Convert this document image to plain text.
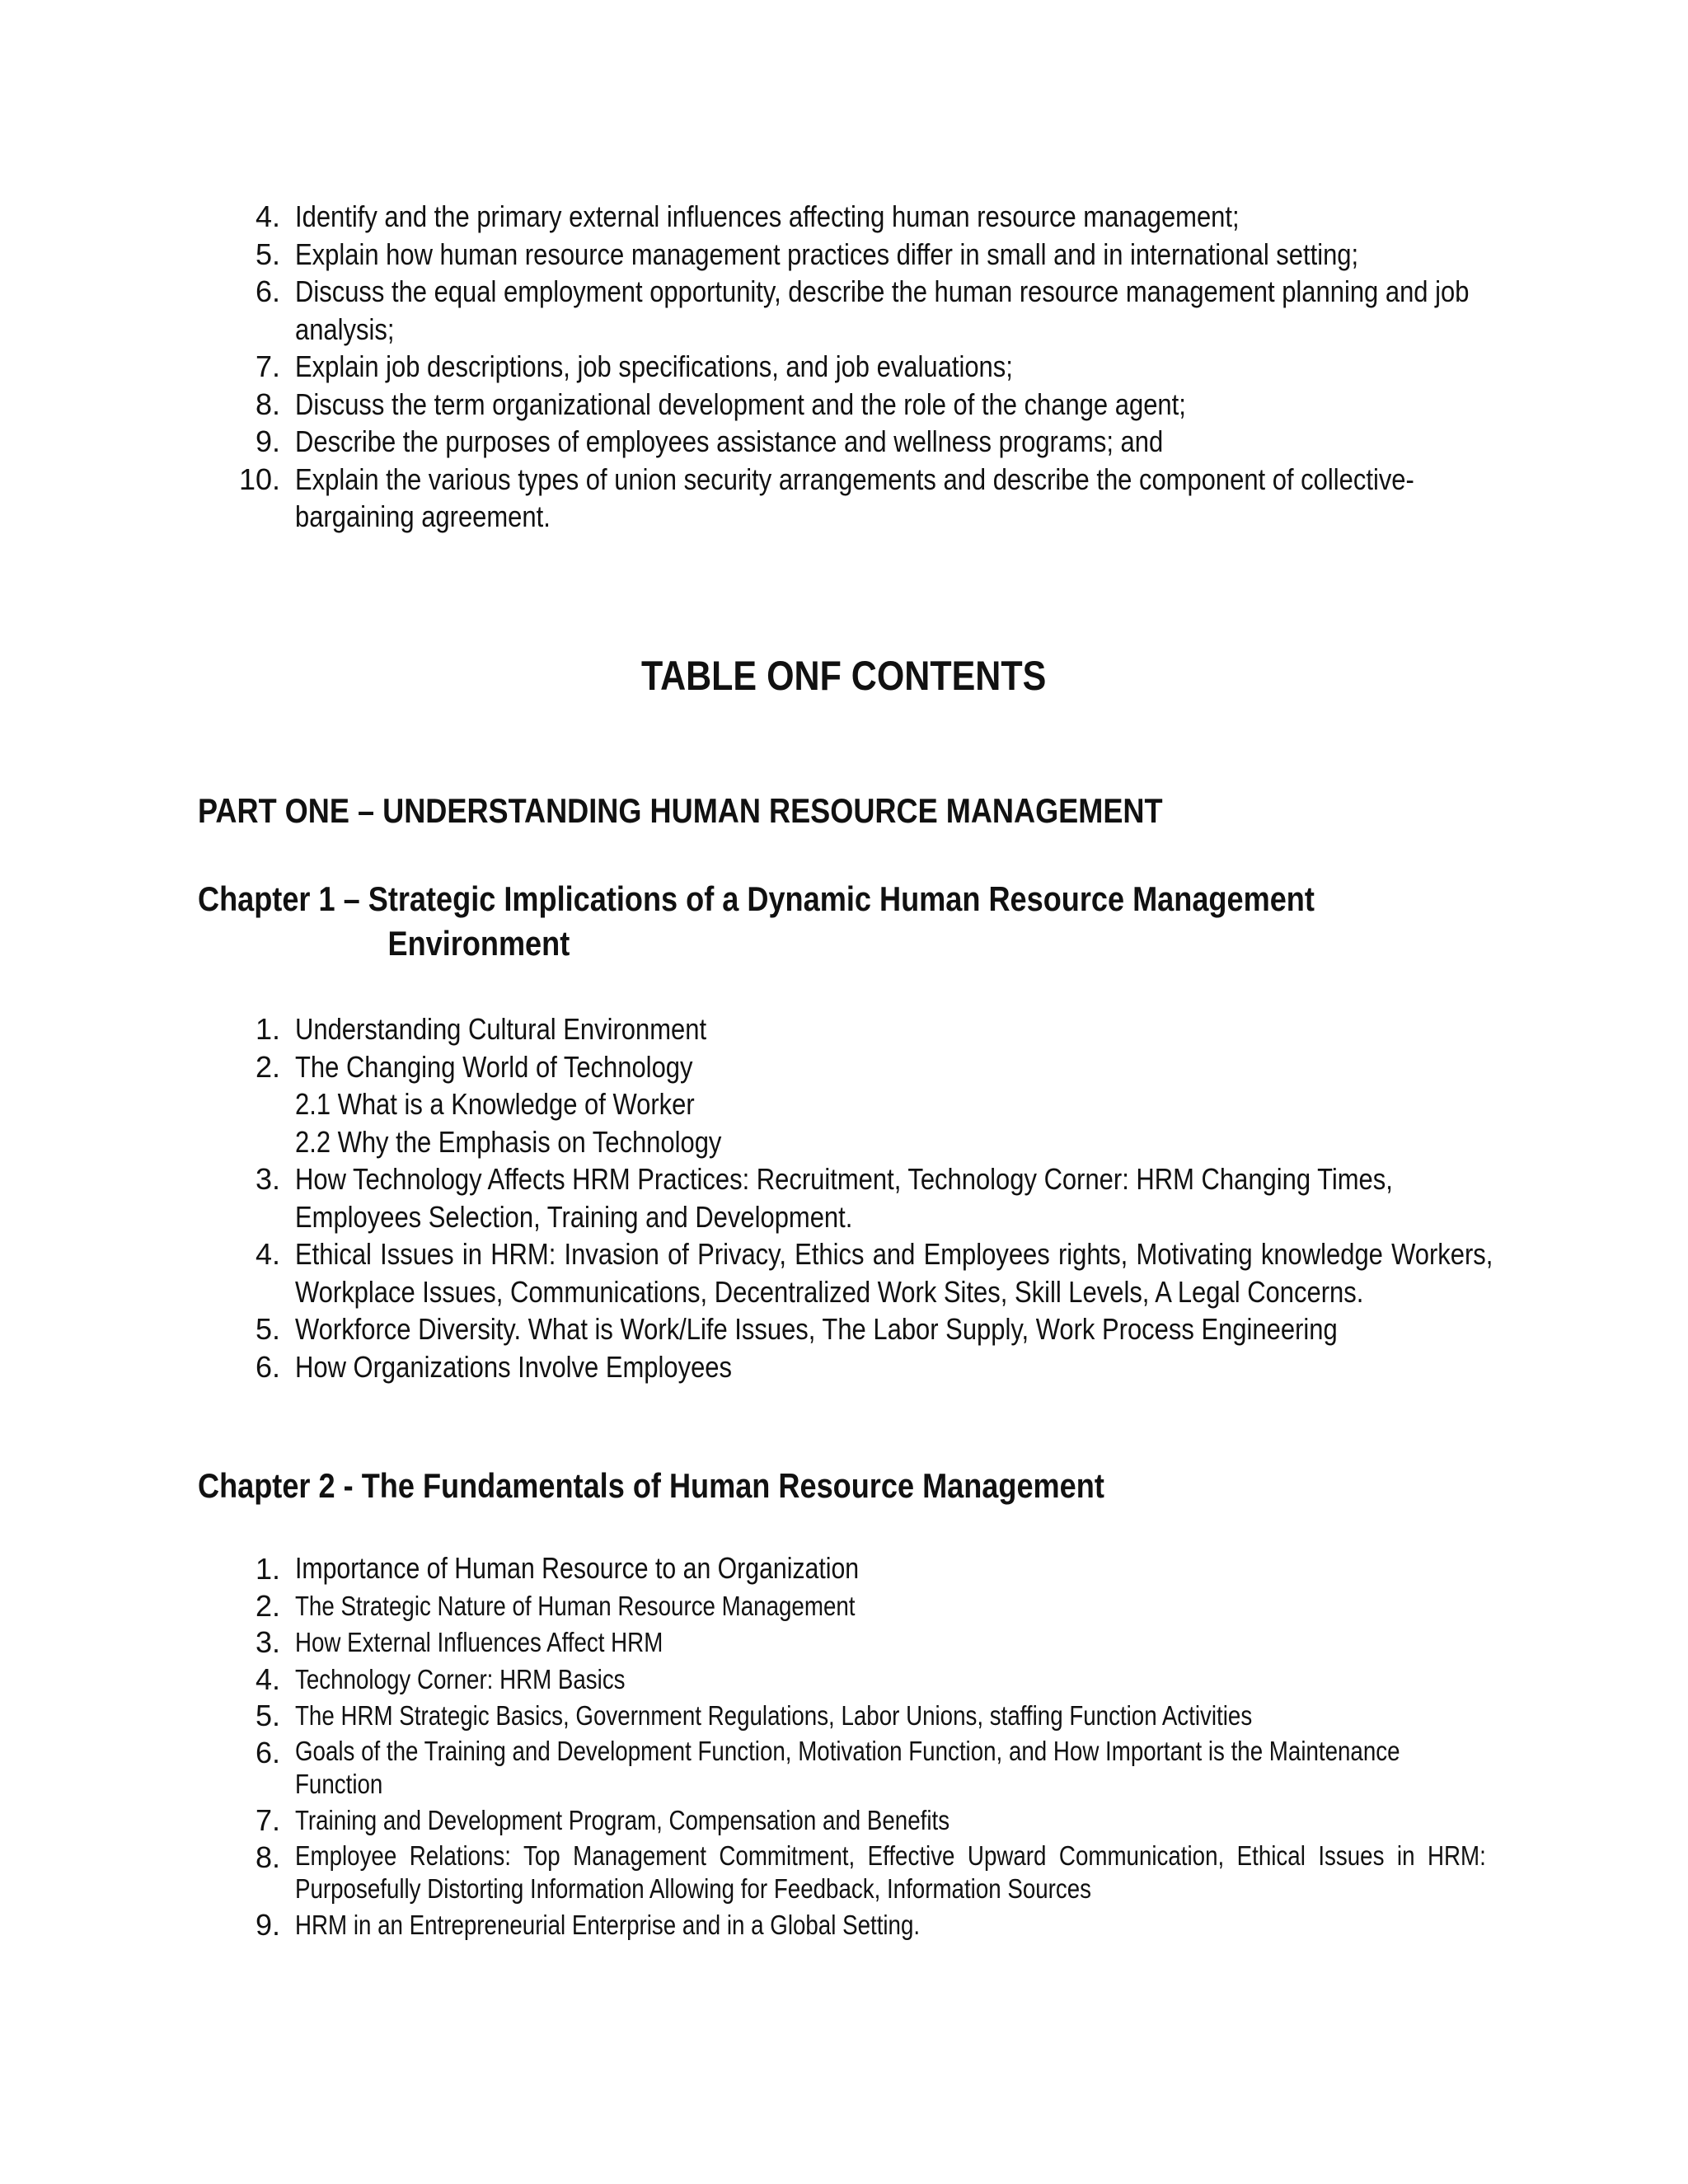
4. Identify and the primary external influences affecting human resource management;
5. Explain how human resource management practices differ in small and in international setting;
6. Discuss the equal employment opportunity, describe the human resource management planning and job analysis;
7. Explain job descriptions, job specifications, and job evaluations;
8. Discuss the term organizational development and the role of the change agent;
9. Describe the purposes of employees assistance and wellness programs; and
10. Explain the various types of union security arrangements and describe the component of collective-bargaining agreement.
TABLE ONF CONTENTS
PART ONE – UNDERSTANDING HUMAN RESOURCE MANAGEMENT
Chapter 1 – Strategic Implications of a Dynamic Human Resource Management
Environment
1. Understanding Cultural Environment
2. The Changing World of Technology
2.1 What is a Knowledge of Worker
2.2 Why the Emphasis on Technology
3. How Technology Affects HRM Practices: Recruitment, Technology Corner: HRM Changing Times, Employees Selection, Training and Development.
4. Ethical Issues in HRM: Invasion of Privacy, Ethics and Employees rights, Motivating knowledge Workers, Workplace Issues, Communications, Decentralized Work Sites, Skill Levels, A Legal Concerns.
5. Workforce Diversity. What is Work/Life Issues, The Labor Supply, Work Process Engineering
6. How Organizations Involve Employees
Chapter 2 - The Fundamentals of Human Resource Management
1. Importance of Human Resource to an Organization
2. The Strategic Nature of Human Resource Management
3. How External Influences Affect HRM
4. Technology Corner: HRM Basics
5. The HRM Strategic Basics, Government Regulations, Labor Unions, staffing Function Activities
6. Goals of the Training and Development Function, Motivation Function, and How Important is the Maintenance Function
7. Training and Development Program, Compensation and Benefits
8. Employee Relations: Top Management Commitment, Effective Upward Communication, Ethical Issues in HRM: Purposefully Distorting Information Allowing for Feedback, Information Sources
9. HRM in an Entrepreneurial Enterprise and in a Global Setting.
